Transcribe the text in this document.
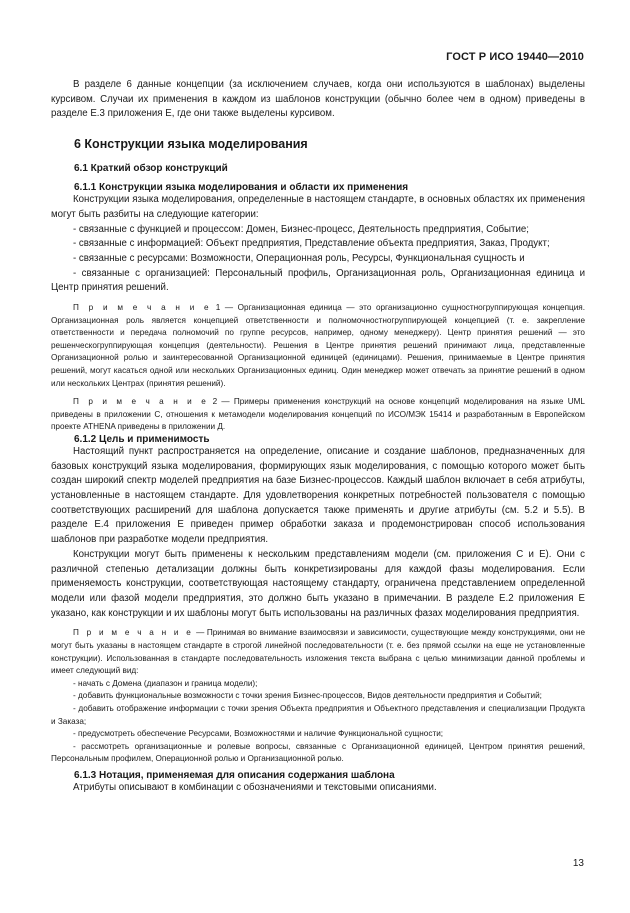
ГОСТ Р ИСО 19440—2010

В разделе 6 данные концепции (за исключением случаев, когда они используются в шаблонах) выделены курсивом. Случаи их применения в каждом из шаблонов конструкции (обычно более чем в одном) приведены в разделе Е.3 приложения Е, где они также выделены курсивом.

6 Конструкции языка моделирования
6.1 Краткий обзор конструкций
6.1.1 Конструкции языка моделирования и области их применения

Конструкции языка моделирования, определенные в настоящем стандарте, в основных областях их применения могут быть разбиты на следующие категории:

- связанные с функцией и процессом: Домен, Бизнес-процесс, Деятельность предприятия, Событие;

- связанные с информацией: Объект предприятия, Представление объекта предприятия, Заказ, Продукт;

- связанные с ресурсами: Возможности, Операционная роль, Ресурсы, Функциональная сущность и

- связанные с организацией: Персональный профиль, Организационная роль, Организационная единица и Центр принятия решений.

П р и м е ч а н и е 1 — Организационная единица — это организационно сущностногруппирующая концепция. Организационная роль является концепцией ответственности и полномочностногруппирующей концепцией (т. е. закрепление ответственности и передача полномочий по группе ресурсов, например, одному менеджеру). Центр принятия решений — это решенческогруппирующая концепция (деятельности). Решения в Центре принятия решений принимают лица, представленные Организационной ролью и заинтересованной Организационной единицей (единицами). Решения, принимаемые в Центре принятия решений, могут касаться одной или нескольких Организационных единиц. Один менеджер может отвечать за принятие решений в одном или нескольких Центрах (принятия решений).

П р и м е ч а н и е 2 — Примеры применения конструкций на основе концепций моделирования на языке UML приведены в приложении С, отношения к метамодели моделирования концепций по ИСО/МЭК 15414 и разработанным в Европейском проекте ATHENA приведены в приложении Д.

6.1.2 Цель и применимость

Настоящий пункт распространяется на определение, описание и создание шаблонов, предназначенных для базовых конструкций языка моделирования, формирующих язык моделирования, с помощью которого может быть создан широкий спектр моделей предприятия на базе Бизнес-процессов. Каждый шаблон включает в себя атрибуты, установленные в настоящем стандарте. Для удовлетворения конкретных потребностей пользователя с помощью соответствующих расширений для шаблона допускается также применять и другие атрибуты (см. 5.2 и 5.5). В разделе Е.4 приложения Е приведен пример обработки заказа и продемонстрирован способ использования шаблонов при разработке модели предприятия.

Конструкции могут быть применены к нескольким представлениям модели (см. приложения С и Е). Они с различной степенью детализации должны быть конкретизированы для каждой фазы моделирования. Если применяемость конструкции, соответствующая настоящему стандарту, ограничена представлением определенной модели или фазой модели предприятия, это должно быть указано в примечании. В разделе Е.2 приложения Е указано, как конструкции и их шаблоны могут быть использованы на различных фазах моделирования предприятия.

П р и м е ч а н и е — Принимая во внимание взаимосвязи и зависимости, существующие между конструкциями, они не могут быть указаны в настоящем стандарте в строгой линейной последовательности (т. е. без прямой ссылки на еще не установленные конструкции). Использованная в стандарте последовательность изложения текста выбрана с целью минимизации данной проблемы и имеет следующий вид:

- начать с Домена (диапазон и граница модели);

- добавить функциональные возможности с точки зрения Бизнес-процессов, Видов деятельности предприятия и Событий;

- добавить отображение информации с точки зрения Объекта предприятия и Объектного представления и специализации Продукта и Заказа;

- предусмотреть обеспечение Ресурсами, Возможностями и наличие Функциональной сущности;

- рассмотреть организационные и ролевые вопросы, связанные с Организационной единицей, Центром принятия решений, Персональным профилем, Операционной ролью и Организационной ролью.

6.1.3 Нотация, применяемая для описания содержания шаблона

Атрибуты описывают в комбинации с обозначениями и текстовыми описаниями.

13
